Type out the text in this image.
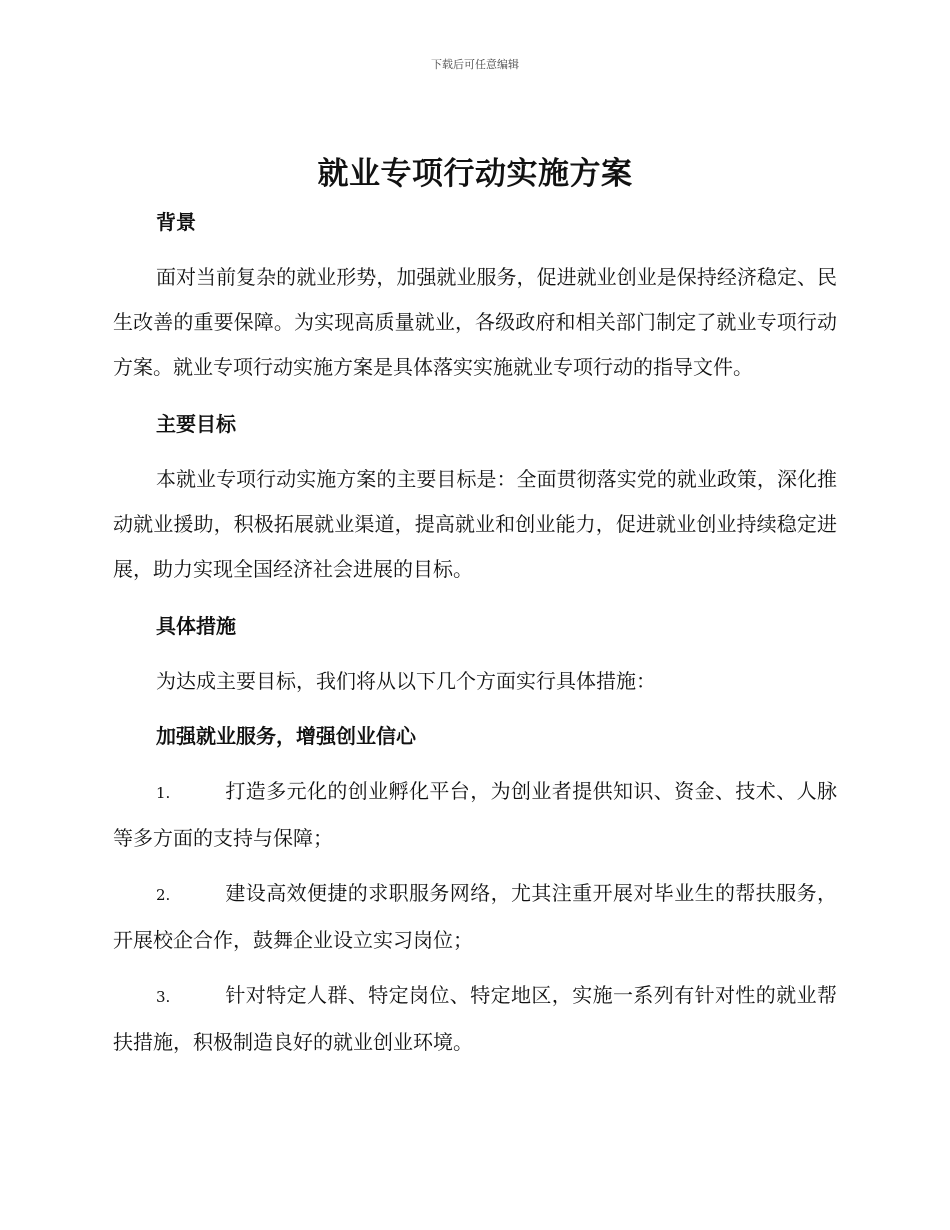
下载后可任意编辑
就业专项行动实施方案

背景

面对当前复杂的就业形势，加强就业服务，促进就业创业是保持经济稳定、民生改善的重要保障。为实现高质量就业，各级政府和相关部门制定了就业专项行动方案。就业专项行动实施方案是具体落实实施就业专项行动的指导文件。

主要目标

本就业专项行动实施方案的主要目标是：全面贯彻落实党的就业政策，深化推动就业援助，积极拓展就业渠道，提高就业和创业能力，促进就业创业持续稳定进展，助力实现全国经济社会进展的目标。

具体措施

为达成主要目标，我们将从以下几个方面实行具体措施：

加强就业服务，增强创业信心

1.	打造多元化的创业孵化平台，为创业者提供知识、资金、技术、人脉等多方面的支持与保障；

2.	建设高效便捷的求职服务网络，尤其注重开展对毕业生的帮扶服务，开展校企合作，鼓舞企业设立实习岗位；

3.	针对特定人群、特定岗位、特定地区，实施一系列有针对性的就业帮扶措施，积极制造良好的就业创业环境。
